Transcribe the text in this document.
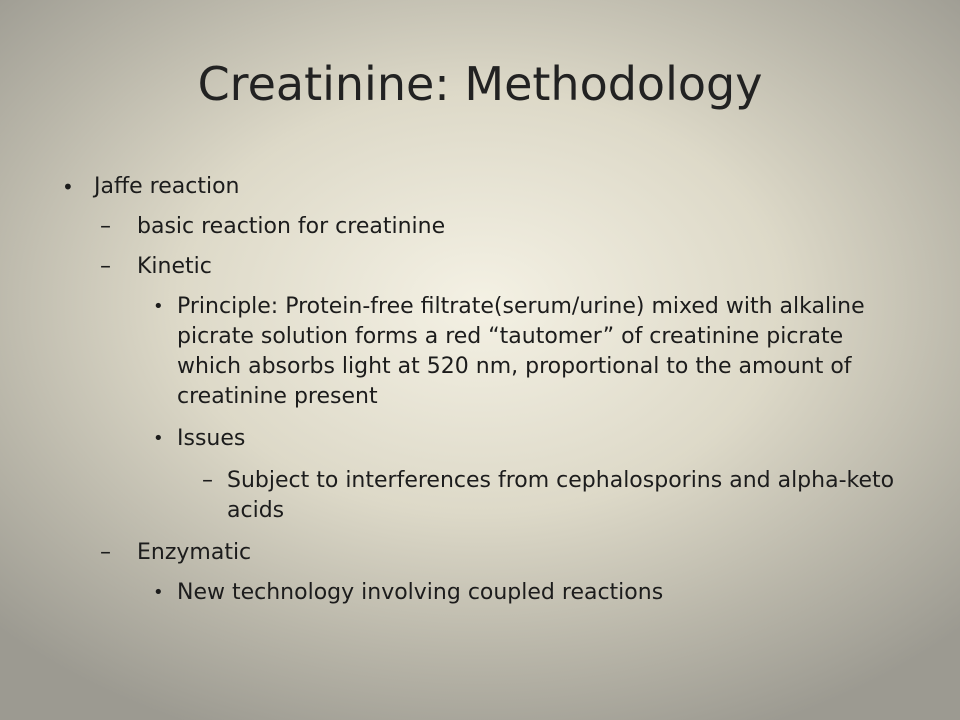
Creatinine: Methodology
• Jaffe reaction
– basic reaction for creatinine
– Kinetic
• Principle: Protein-free filtrate(serum/urine) mixed with alkaline picrate solution forms a red “tautomer” of creatinine picrate which absorbs light at 520 nm, proportional to the amount of creatinine present
• Issues
– Subject to interferences from cephalosporins and alpha-keto acids
– Enzymatic
• New technology involving coupled reactions
